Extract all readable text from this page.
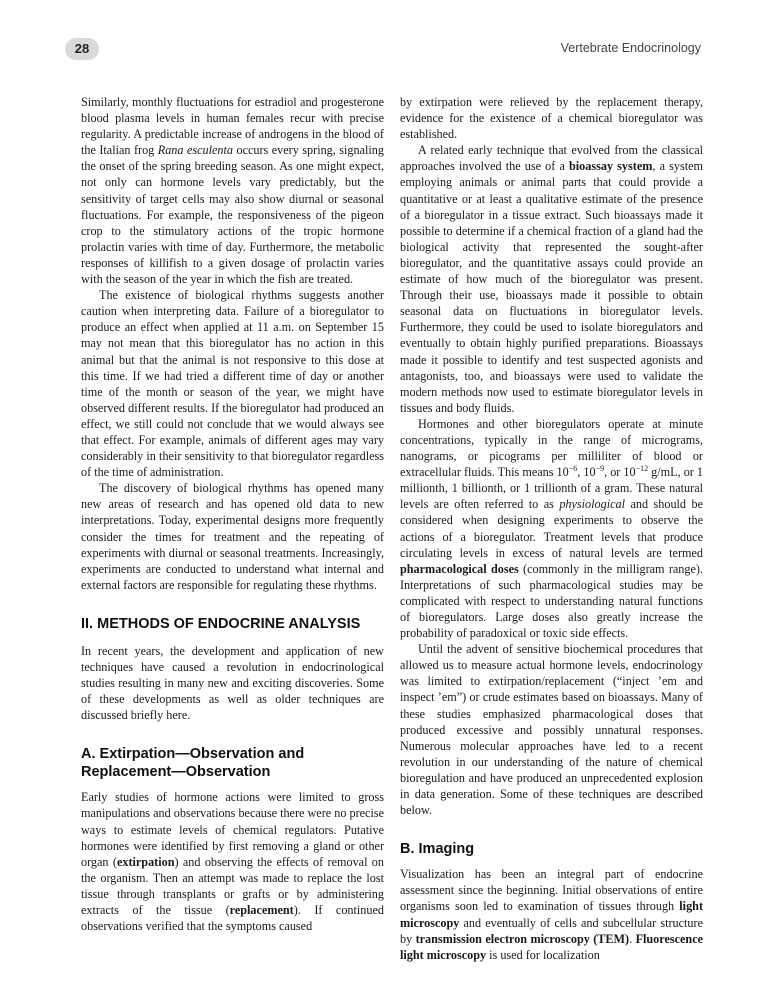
28	Vertebrate Endocrinology

Similarly, monthly fluctuations for estradiol and progesterone blood plasma levels in human females recur with precise regularity. A predictable increase of androgens in the blood of the Italian frog Rana esculenta occurs every spring, signaling the onset of the spring breeding season. As one might expect, not only can hormone levels vary predictably, but the sensitivity of target cells may also show diurnal or seasonal fluctuations. For example, the responsiveness of the pigeon crop to the stimulatory actions of the tropic hormone prolactin varies with time of day. Furthermore, the metabolic responses of killifish to a given dosage of prolactin varies with the season of the year in which the fish are treated.

The existence of biological rhythms suggests another caution when interpreting data. Failure of a bioregulator to produce an effect when applied at 11 a.m. on September 15 may not mean that this bioregulator has no action in this animal but that the animal is not responsive to this dose at this time. If we had tried a different time of day or another time of the month or season of the year, we might have observed different results. If the bioregulator had produced an effect, we still could not conclude that we would always see that effect. For example, animals of different ages may vary considerably in their sensitivity to that bioregulator regardless of the time of administration.

The discovery of biological rhythms has opened many new areas of research and has opened old data to new interpretations. Today, experimental designs more frequently consider the times for treatment and the repeating of experiments with diurnal or seasonal treatments. Increasingly, experiments are conducted to understand what internal and external factors are responsible for regulating these rhythms.

II. METHODS OF ENDOCRINE ANALYSIS

In recent years, the development and application of new techniques have caused a revolution in endocrinological studies resulting in many new and exciting discoveries. Some of these developments as well as older techniques are discussed briefly here.

A. Extirpation—Observation and
Replacement—Observation

Early studies of hormone actions were limited to gross manipulations and observations because there were no precise ways to estimate levels of chemical regulators. Putative hormones were identified by first removing a gland or other organ (extirpation) and observing the effects of removal on the organism. Then an attempt was made to replace the lost tissue through transplants or grafts or by administering extracts of the tissue (replacement). If continued observations verified that the symptoms caused

by extirpation were relieved by the replacement therapy, evidence for the existence of a chemical bioregulator was established.

A related early technique that evolved from the classical approaches involved the use of a bioassay system, a system employing animals or animal parts that could provide a quantitative or at least a qualitative estimate of the presence of a bioregulator in a tissue extract. Such bioassays made it possible to determine if a chemical fraction of a gland had the biological activity that represented the sought-after bioregulator, and the quantitative assays could provide an estimate of how much of the bioregulator was present. Through their use, bioassays made it possible to obtain seasonal data on fluctuations in bioregulator levels. Furthermore, they could be used to isolate bioregulators and eventually to obtain highly purified preparations. Bioassays made it possible to identify and test suspected agonists and antagonists, too, and bioassays were used to validate the modern methods now used to estimate bioregulator levels in tissues and body fluids.

Hormones and other bioregulators operate at minute concentrations, typically in the range of micrograms, nanograms, or picograms per milliliter of blood or extracellular fluids. This means $10^{-6}$, $10^{-9}$, or $10^{-12}$ g/mL, or 1 millionth, 1 billionth, or 1 trillionth of a gram. These natural levels are often referred to as physiological and should be considered when designing experiments to observe the actions of a bioregulator. Treatment levels that produce circulating levels in excess of natural levels are termed pharmacological doses (commonly in the milligram range). Interpretations of such pharmacological studies may be complicated with respect to understanding natural functions of bioregulators. Large doses also greatly increase the probability of paradoxical or toxic side effects.

Until the advent of sensitive biochemical procedures that allowed us to measure actual hormone levels, endocrinology was limited to extirpation/replacement (“inject ’em and inspect ’em”) or crude estimates based on bioassays. Many of these studies emphasized pharmacological doses that produced excessive and possibly unnatural responses. Numerous molecular approaches have led to a recent revolution in our understanding of the nature of chemical bioregulation and have produced an unprecedented explosion in data generation. Some of these techniques are described below.

B. Imaging

Visualization has been an integral part of endocrine assessment since the beginning. Initial observations of entire organisms soon led to examination of tissues through light microscopy and eventually of cells and subcellular structure by transmission electron microscopy (TEM). Fluorescence light microscopy is used for localization
